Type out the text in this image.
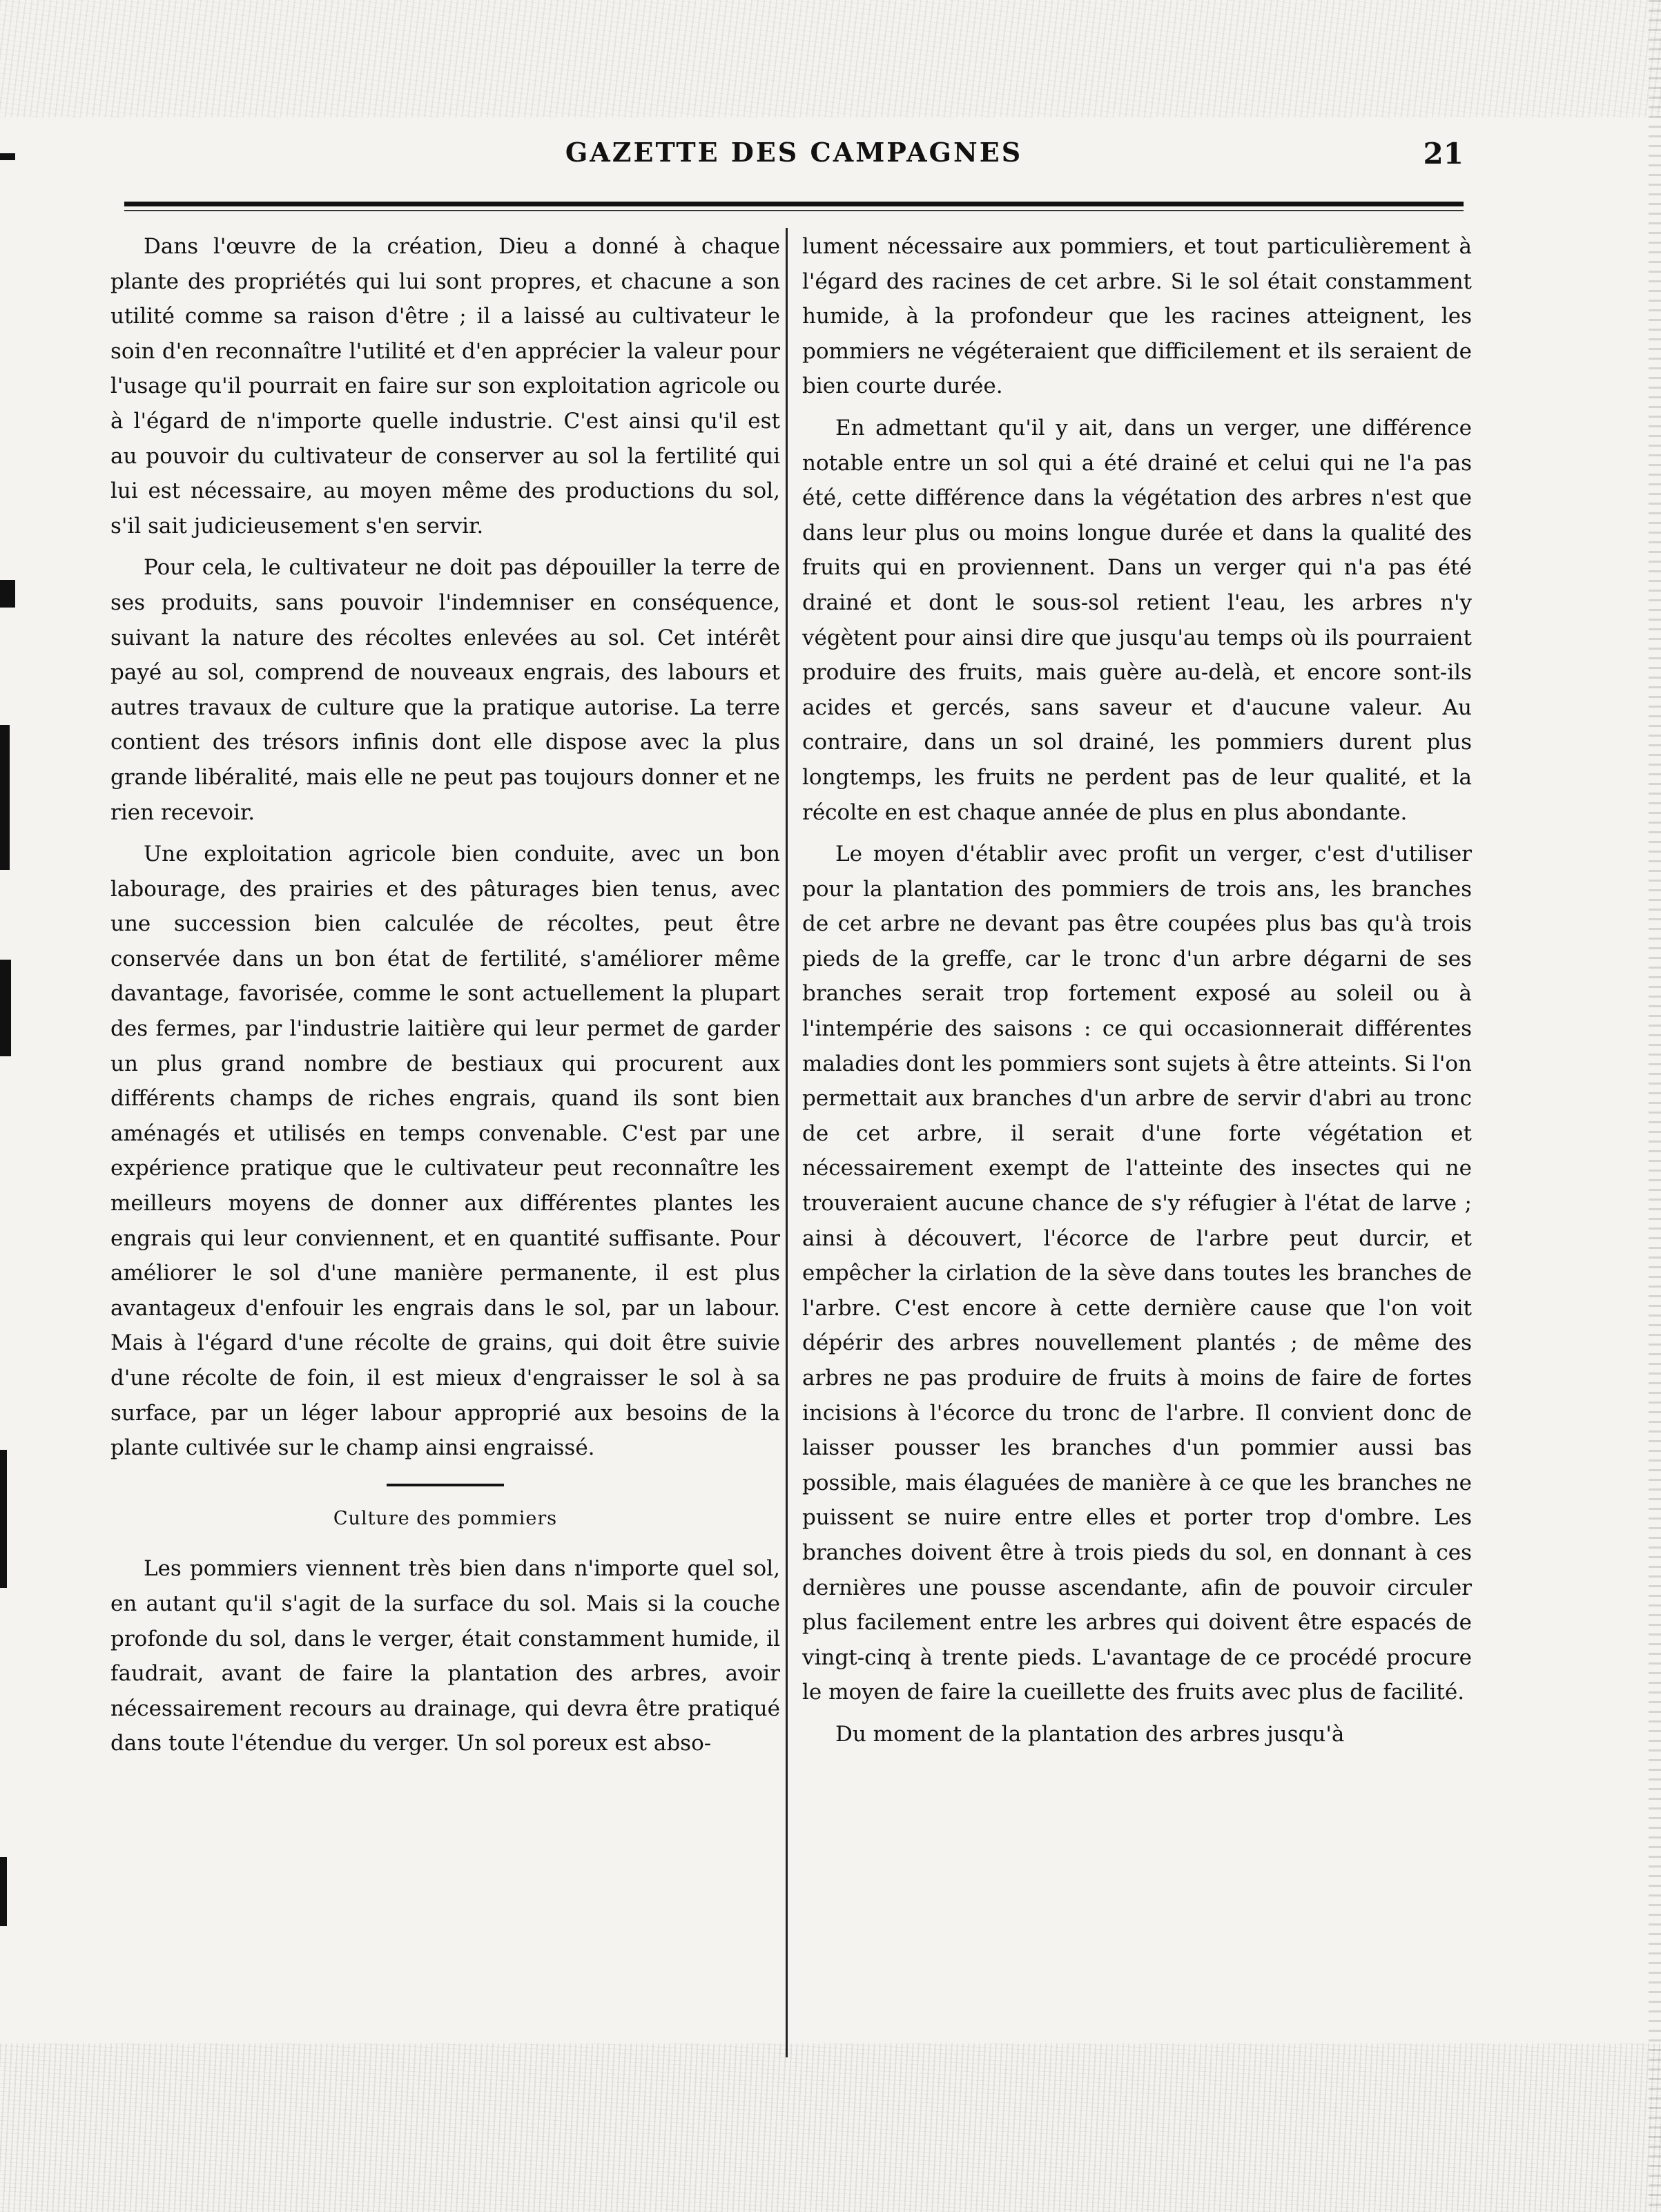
GAZETTE DES CAMPAGNES	21

Dans l'œuvre de la création, Dieu a donné à chaque plante des propriétés qui lui sont propres, et chacune a son utilité comme sa raison d'être ; il a laissé au cultivateur le soin d'en reconnaître l'utilité et d'en apprécier la valeur pour l'usage qu'il pourrait en faire sur son exploitation agricole ou à l'égard de n'importe quelle industrie. C'est ainsi qu'il est au pouvoir du cultivateur de conserver au sol la fertilité qui lui est nécessaire, au moyen même des productions du sol, s'il sait judicieusement s'en servir.

Pour cela, le cultivateur ne doit pas dépouiller la terre de ses produits, sans pouvoir l'indemniser en conséquence, suivant la nature des récoltes enlevées au sol. Cet intérêt payé au sol, comprend de nouveaux engrais, des labours et autres travaux de culture que la pratique autorise. La terre contient des trésors infinis dont elle dispose avec la plus grande libéralité, mais elle ne peut pas toujours donner et ne rien recevoir.

Une exploitation agricole bien conduite, avec un bon labourage, des prairies et des pâturages bien tenus, avec une succession bien calculée de récoltes, peut être conservée dans un bon état de fertilité, s'améliorer même davantage, favorisée, comme le sont actuellement la plupart des fermes, par l'industrie laitière qui leur permet de garder un plus grand nombre de bestiaux qui procurent aux différents champs de riches engrais, quand ils sont bien aménagés et utilisés en temps convenable. C'est par une expérience pratique que le cultivateur peut reconnaître les meilleurs moyens de donner aux différentes plantes les engrais qui leur conviennent, et en quantité suffisante. Pour améliorer le sol d'une manière permanente, il est plus avantageux d'enfouir les engrais dans le sol, par un labour. Mais à l'égard d'une récolte de grains, qui doit être suivie d'une récolte de foin, il est mieux d'engraisser le sol à sa surface, par un léger labour approprié aux besoins de la plante cultivée sur le champ ainsi engraissé.

Culture des pommiers

Les pommiers viennent très bien dans n'importe quel sol, en autant qu'il s'agit de la surface du sol. Mais si la couche profonde du sol, dans le verger, était constamment humide, il faudrait, avant de faire la plantation des arbres, avoir nécessairement recours au drainage, qui devra être pratiqué dans toute l'étendue du verger. Un sol poreux est abso-

lument nécessaire aux pommiers, et tout particulièrement à l'égard des racines de cet arbre. Si le sol était constamment humide, à la profondeur que les racines atteignent, les pommiers ne végéteraient que difficilement et ils seraient de bien courte durée.

En admettant qu'il y ait, dans un verger, une différence notable entre un sol qui a été drainé et celui qui ne l'a pas été, cette différence dans la végétation des arbres n'est que dans leur plus ou moins longue durée et dans la qualité des fruits qui en proviennent. Dans un verger qui n'a pas été drainé et dont le sous-sol retient l'eau, les arbres n'y végètent pour ainsi dire que jusqu'au temps où ils pourraient produire des fruits, mais guère au-delà, et encore sont-ils acides et gercés, sans saveur et d'aucune valeur. Au contraire, dans un sol drainé, les pommiers durent plus longtemps, les fruits ne perdent pas de leur qualité, et la récolte en est chaque année de plus en plus abondante.

Le moyen d'établir avec profit un verger, c'est d'utiliser pour la plantation des pommiers de trois ans, les branches de cet arbre ne devant pas être coupées plus bas qu'à trois pieds de la greffe, car le tronc d'un arbre dégarni de ses branches serait trop fortement exposé au soleil ou à l'intempérie des saisons : ce qui occasionnerait différentes maladies dont les pommiers sont sujets à être atteints. Si l'on permettait aux branches d'un arbre de servir d'abri au tronc de cet arbre, il serait d'une forte végétation et nécessairement exempt de l'atteinte des insectes qui ne trouveraient aucune chance de s'y réfugier à l'état de larve ; ainsi à découvert, l'écorce de l'arbre peut durcir, et empêcher la cirlation de la sève dans toutes les branches de l'arbre. C'est encore à cette dernière cause que l'on voit dépérir des arbres nouvellement plantés ; de même des arbres ne pas produire de fruits à moins de faire de fortes incisions à l'écorce du tronc de l'arbre. Il convient donc de laisser pousser les branches d'un pommier aussi bas possible, mais élaguées de manière à ce que les branches ne puissent se nuire entre elles et porter trop d'ombre. Les branches doivent être à trois pieds du sol, en donnant à ces dernières une pousse ascendante, afin de pouvoir circuler plus facilement entre les arbres qui doivent être espacés de vingt-cinq à trente pieds. L'avantage de ce procédé procure le moyen de faire la cueillette des fruits avec plus de facilité.

Du moment de la plantation des arbres jusqu'à
